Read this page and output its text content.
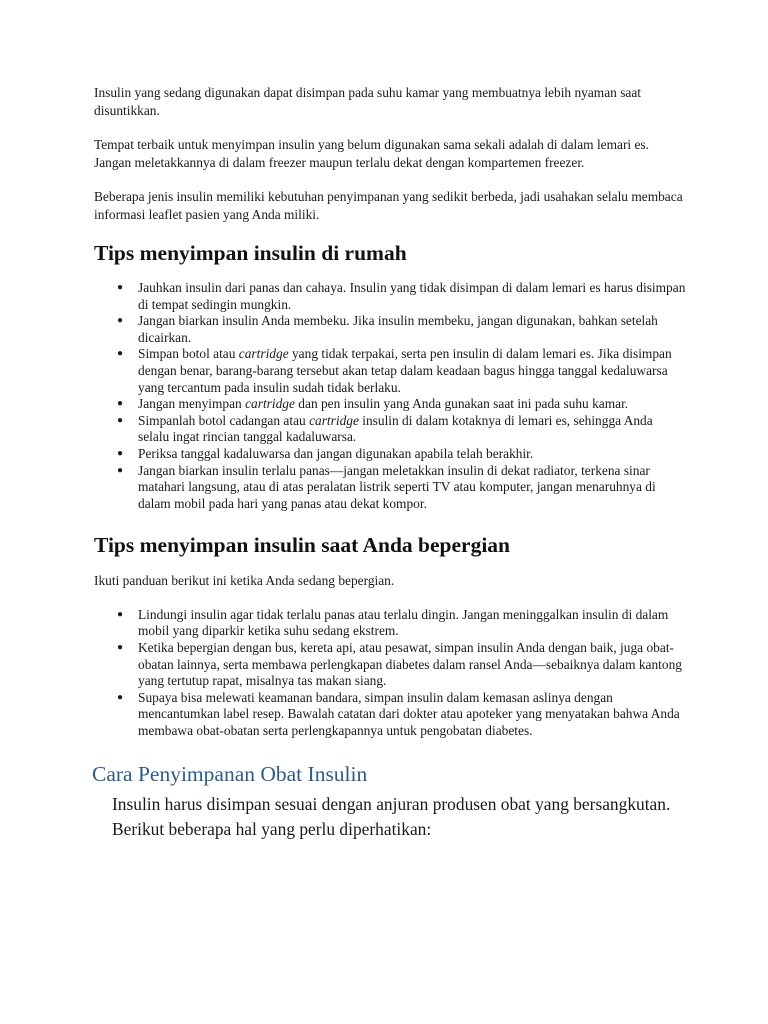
Insulin yang sedang digunakan dapat disimpan pada suhu kamar yang membuatnya lebih nyaman saat disuntikkan.

Tempat terbaik untuk menyimpan insulin yang belum digunakan sama sekali adalah di dalam lemari es. Jangan meletakkannya di dalam freezer maupun terlalu dekat dengan kompartemen freezer.

Beberapa jenis insulin memiliki kebutuhan penyimpanan yang sedikit berbeda, jadi usahakan selalu membaca informasi leaflet pasien yang Anda miliki.

Tips menyimpan insulin di rumah
● Jauhkan insulin dari panas dan cahaya. Insulin yang tidak disimpan di dalam lemari es harus disimpan di tempat sedingin mungkin.
● Jangan biarkan insulin Anda membeku. Jika insulin membeku, jangan digunakan, bahkan setelah dicairkan.
● Simpan botol atau cartridge yang tidak terpakai, serta pen insulin di dalam lemari es. Jika disimpan dengan benar, barang-barang tersebut akan tetap dalam keadaan bagus hingga tanggal kedaluwarsa yang tercantum pada insulin sudah tidak berlaku.
● Jangan menyimpan cartridge dan pen insulin yang Anda gunakan saat ini pada suhu kamar.
● Simpanlah botol cadangan atau cartridge insulin di dalam kotaknya di lemari es, sehingga Anda selalu ingat rincian tanggal kadaluwarsa.
● Periksa tanggal kadaluwarsa dan jangan digunakan apabila telah berakhir.
● Jangan biarkan insulin terlalu panas—jangan meletakkan insulin di dekat radiator, terkena sinar matahari langsung, atau di atas peralatan listrik seperti TV atau komputer, jangan menaruhnya di dalam mobil pada hari yang panas atau dekat kompor.
Tips menyimpan insulin saat Anda bepergian

Ikuti panduan berikut ini ketika Anda sedang bepergian.

● Lindungi insulin agar tidak terlalu panas atau terlalu dingin. Jangan meninggalkan insulin di dalam mobil yang diparkir ketika suhu sedang ekstrem.
● Ketika bepergian dengan bus, kereta api, atau pesawat, simpan insulin Anda dengan baik, juga obat-obatan lainnya, serta membawa perlengkapan diabetes dalam ransel Anda—sebaiknya dalam kantong yang tertutup rapat, misalnya tas makan siang.
● Supaya bisa melewati keamanan bandara, simpan insulin dalam kemasan aslinya dengan mencantumkan label resep. Bawalah catatan dari dokter atau apoteker yang menyatakan bahwa Anda membawa obat-obatan serta perlengkapannya untuk pengobatan diabetes.
Cara Penyimpanan Obat Insulin

Insulin harus disimpan sesuai dengan anjuran produsen obat yang bersangkutan. Berikut beberapa hal yang perlu diperhatikan:
